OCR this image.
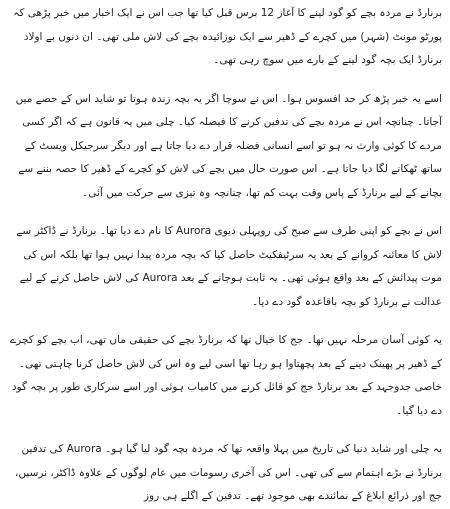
برنارڈ نے مردہ بچے کو گود لینے کا آغاز 12 برس قبل کیا تھا جب اس نے ایک اخبار میں خبر پڑھی کہ پورٹو مونٹ (شہر) میں کچرے کے ڈھیر سے ایک نوزائیدہ بچے کی لاش ملی تھی۔ ان دنوں بے اولاد برنارڈ ایک بچہ گود لینے کے بارے میں سوچ رہی تھی۔

اسے یہ خبر پڑھ کر حد افسوس ہوا۔ اس نے سوچا اگر یہ بچہ زندہ ہوتا تو شاید اس کے حصے میں آجاتا۔ چنانچہ اس نے مردہ بچے کی تدفین کرنے کا فیصلہ کیا۔ چلی میں یہ قانون ہے کہ اگر کسی مردے کا کوئی وارث نہ ہو تو اسے انسانی فضلہ قرار دے دیا جاتا ہے اور دیگر سرجیکل ویسٹ کے ساتھ ٹھکانے لگا دیا جاتا ہے۔ اس صورت حال میں بچے کی لاش کو کچرے کے ڈھیر کا حصہ بننے سے بچانے کے لیے برنارڈ کے پاس وقت بہت کم تھا، چنانچہ وہ تیزی سے حرکت میں آئی۔

اس نے بچے کو اپنی طرف سے صبح کی روپہلی دیوی Aurora کا نام دے دیا تھا۔ برنارڈ نے ڈاکٹر سے لاش کا معائنہ کروانے کے بعد یہ سرٹیفکیٹ حاصل کیا کہ بچہ مردہ پیدا نہیں ہوا تھا بلکہ اس کی موت پیدائش کے بعد واقع ہوئی تھی۔ یہ ثابت ہوجانے کے بعد Aurora کی لاش حاصل کرنے کے لیے عدالت نے برنارڈ کو بچہ باقاعدہ گود دے دیا۔

یہ کوئی آسان مرحلہ نہیں تھا۔ جج کا خیال تھا کہ برنارڈ بچے کی حقیقی ماں تھی، اب بچے کو کچرے کے ڈھیر پر پھینک دینے کے بعد پچھتاوا ہو رہا تھا اسی لیے وہ اس کی لاش حاصل کرنا چاہتی تھی۔ خاصی جدوجہد کے بعد برنارڈ جج کو قائل کرنے میں کامیاب ہوئی اور اسے سرکاری طور پر بچہ گود دے دیا گیا۔

یہ چلی اور شاید دنیا کی تاریخ میں پہلا واقعہ تھا کہ مردہ بچہ گود لیا گیا ہو۔ Aurora کی تدفین برنارڈ نے بڑے اہتمام سے کی تھی۔ اس کی آخری رسومات میں عام لوگوں کے علاوہ ڈاکٹر، نرسیں، جج اور ذرائع ابلاغ کے نمائندے بھی موجود تھے۔ تدفین کے اگلے ہی روز
